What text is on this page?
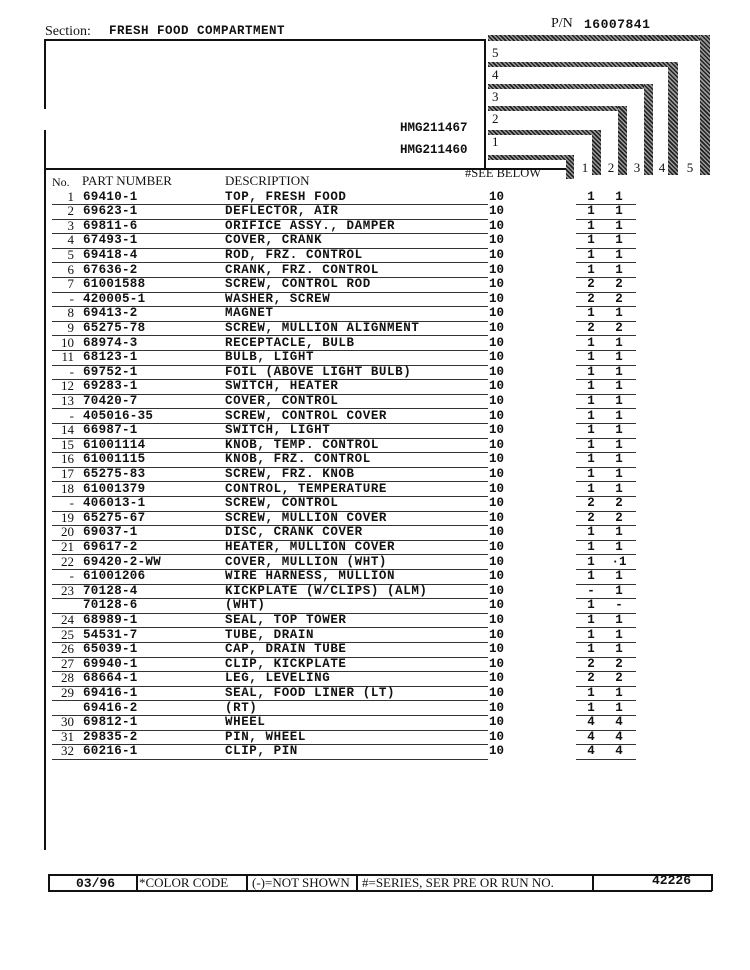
Section: FRESH FOOD COMPARTMENT	P/N 16007841
5
4
3
2
1
HMG211467
HMG211460
No. PART NUMBER	DESCRIPTION	#SEE BELOW	1 2 3 4 5
1 69410-1	TOP, FRESH FOOD	10	1	1
2 69623-1	DEFLECTOR, AIR	10	1	1
3 69811-6	ORIFICE ASSY., DAMPER	10	1	1
4 67493-1	COVER, CRANK	10	1	1
5 69418-4	ROD, FRZ. CONTROL	10	1	1
6 67636-2	CRANK, FRZ. CONTROL	10	1	1
7 61001588	SCREW, CONTROL ROD	10	2	2
- 420005-1	WASHER, SCREW	10	2	2
8 69413-2	MAGNET	10	1	1
9 65275-78	SCREW, MULLION ALIGNMENT	10	2	2
10 68974-3	RECEPTACLE, BULB	10	1	1
11 68123-1	BULB, LIGHT	10	1	1
- 69752-1	FOIL (ABOVE LIGHT BULB)	10	1	1
12 69283-1	SWITCH, HEATER	10	1	1
13 70420-7	COVER, CONTROL	10	1	1
- 405016-35	SCREW, CONTROL COVER	10	1	1
14 66987-1	SWITCH, LIGHT	10	1	1
15 61001114	KNOB, TEMP. CONTROL	10	1	1
16 61001115	KNOB, FRZ. CONTROL	10	1	1
17 65275-83	SCREW, FRZ. KNOB	10	1	1
18 61001379	CONTROL, TEMPERATURE	10	1	1
- 406013-1	SCREW, CONTROL	10	2	2
19 65275-67	SCREW, MULLION COVER	10	2	2
20 69037-1	DISC, CRANK COVER	10	1	1
21 69617-2	HEATER, MULLION COVER	10	1	1
22 69420-2-WW	COVER, MULLION (WHT)	10	1	·1
- 61001206	WIRE HARNESS, MULLION	10	1	1
23 70128-4	KICKPLATE (W/CLIPS) (ALM)	10	-	1
70128-6	(WHT)	10	1	-
24 68989-1	SEAL, TOP TOWER	10	1	1
25 54531-7	TUBE, DRAIN	10	1	1
26 65039-1	CAP, DRAIN TUBE	10	1	1
27 69940-1	CLIP, KICKPLATE	10	2	2
28 68664-1	LEG, LEVELING	10	2	2
29 69416-1	SEAL, FOOD LINER (LT)	10	1	1
69416-2	(RT)	10	1	1
30 69812-1	WHEEL	10	4	4
31 29835-2	PIN, WHEEL	10	4	4
32 60216-1	CLIP, PIN	10	4	4
03/96 *COLOR CODE (-)=NOT SHOWN #=SERIES, SER PRE OR RUN NO.	42226
